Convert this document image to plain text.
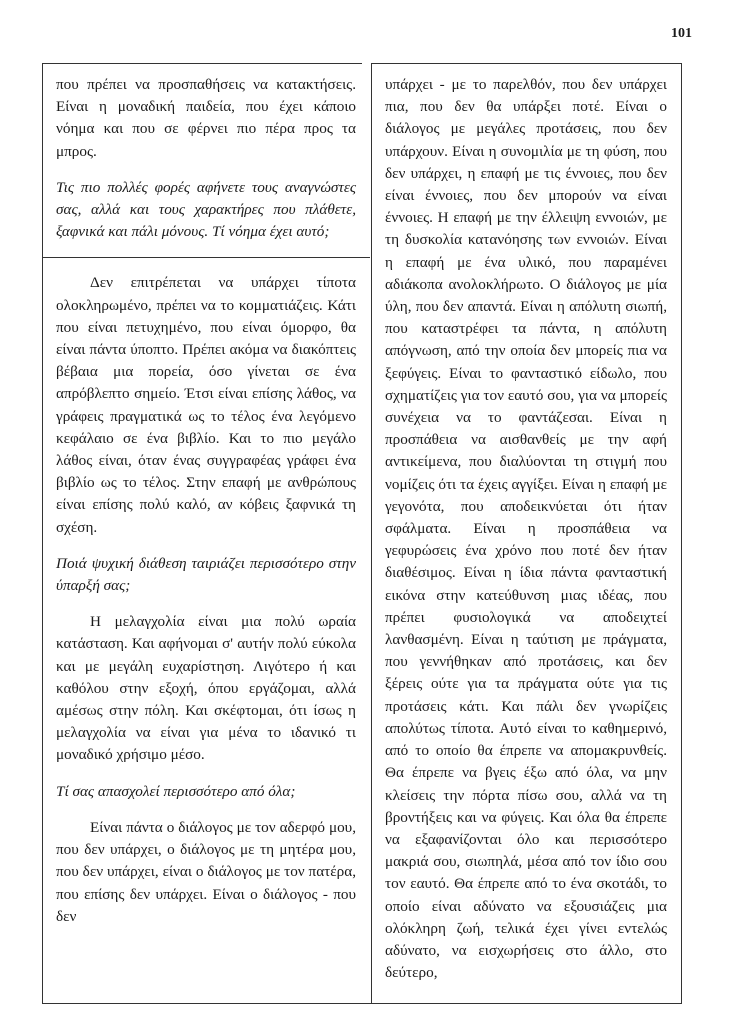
101

που πρέπει να προσπαθήσεις να κατακτήσεις. Είναι η μοναδική παιδεία, που έχει κάποιο νόημα και που σε φέρνει πιο πέρα προς τα μπρος.

Τις πιο πολλές φορές αφήνετε τους αναγνώστες σας, αλλά και τους χαρακτήρες που πλάθετε, ξαφνικά και πάλι μόνους. Τί νόημα έχει αυτό;

Δεν επιτρέπεται να υπάρχει τίποτα ολοκληρωμένο, πρέπει να το κομματιάζεις. Κάτι που είναι πετυχημένο, που είναι όμορφο, θα είναι πάντα ύποπτο. Πρέπει ακόμα να διακόπτεις βέβαια μια πορεία, όσο γίνεται σε ένα απρόβλεπτο σημείο. Έτσι είναι επίσης λάθος, να γράφεις πραγματικά ως το τέλος ένα λεγόμενο κεφάλαιο σε ένα βιβλίο. Και το πιο μεγάλο λάθος είναι, όταν ένας συγγραφέας γράφει ένα βιβλίο ως το τέλος. Στην επαφή με ανθρώπους είναι επίσης πολύ καλό, αν κόβεις ξαφνικά τη σχέση.

Ποιά ψυχική διάθεση ταιριάζει περισσότερο στην ύπαρξή σας;

Η μελαγχολία είναι μια πολύ ωραία κατάσταση. Και αφήνομαι σ' αυτήν πολύ εύκολα και με μεγάλη ευχαρίστηση. Λιγότερο ή και καθόλου στην εξοχή, όπου εργάζομαι, αλλά αμέσως στην πόλη. Και σκέφτομαι, ότι ίσως η μελαγχολία να είναι για μένα το ιδανικό τι μοναδικό χρήσιμο μέσο.

Τί σας απασχολεί περισσότερο από όλα;

Είναι πάντα ο διάλογος με τον αδερφό μου, που δεν υπάρχει, ο διάλογος με τη μητέρα μου, που δεν υπάρχει, είναι ο διάλογος με τον πατέρα, που επίσης δεν υπάρχει. Είναι ο διάλογος - που δεν

υπάρχει - με το παρελθόν, που δεν υπάρχει πια, που δεν θα υπάρξει ποτέ. Είναι ο διάλογος με μεγάλες προτάσεις, που δεν υπάρχουν. Είναι η συνομιλία με τη φύση, που δεν υπάρχει, η επαφή με τις έννοιες, που δεν είναι έννοιες, που δεν μπορούν να είναι έννοιες. Η επαφή με την έλλειψη εννοιών, με τη δυσκολία κατανόησης των εννοιών. Είναι η επαφή με ένα υλικό, που παραμένει αδιάκοπα ανολοκλήρωτο. Ο διάλογος με μία ύλη, που δεν απαντά. Είναι η απόλυτη σιωπή, που καταστρέφει τα πάντα, η απόλυτη απόγνωση, από την οποία δεν μπορείς πια να ξεφύγεις. Είναι το φανταστικό είδωλο, που σχηματίζεις για τον εαυτό σου, για να μπορείς συνέχεια να το φαντάζεσαι. Είναι η προσπάθεια να αισθανθείς με την αφή αντικείμενα, που διαλύονται τη στιγμή που νομίζεις ότι τα έχεις αγγίξει. Είναι η επαφή με γεγονότα, που αποδεικνύεται ότι ήταν σφάλματα. Είναι η προσπάθεια να γεφυρώσεις ένα χρόνο που ποτέ δεν ήταν διαθέσιμος. Είναι η ίδια πάντα φανταστική εικόνα στην κατεύθυνση μιας ιδέας, που πρέπει φυσιολογικά να αποδειχτεί λανθασμένη. Είναι η ταύτιση με πράγματα, που γεννήθηκαν από προτάσεις, και δεν ξέρεις ούτε για τα πράγματα ούτε για τις προτάσεις κάτι. Και πάλι δεν γνωρίζεις απολύτως τίποτα. Αυτό είναι το καθημερινό, από το οποίο θα έπρεπε να απομακρυνθείς. Θα έπρεπε να βγεις έξω από όλα, να μην κλείσεις την πόρτα πίσω σου, αλλά να τη βροντήξεις και να φύγεις. Και όλα θα έπρεπε να εξαφανίζονται όλο και περισσότερο μακριά σου, σιωπηλά, μέσα από τον ίδιο σου τον εαυτό. Θα έπρεπε από το ένα σκοτάδι, το οποίο είναι αδύνατο να εξουσιάζεις μια ολόκληρη ζωή, τελικά έχει γίνει εντελώς αδύνατο, να εισχωρήσεις στο άλλο, στο δεύτερο,
